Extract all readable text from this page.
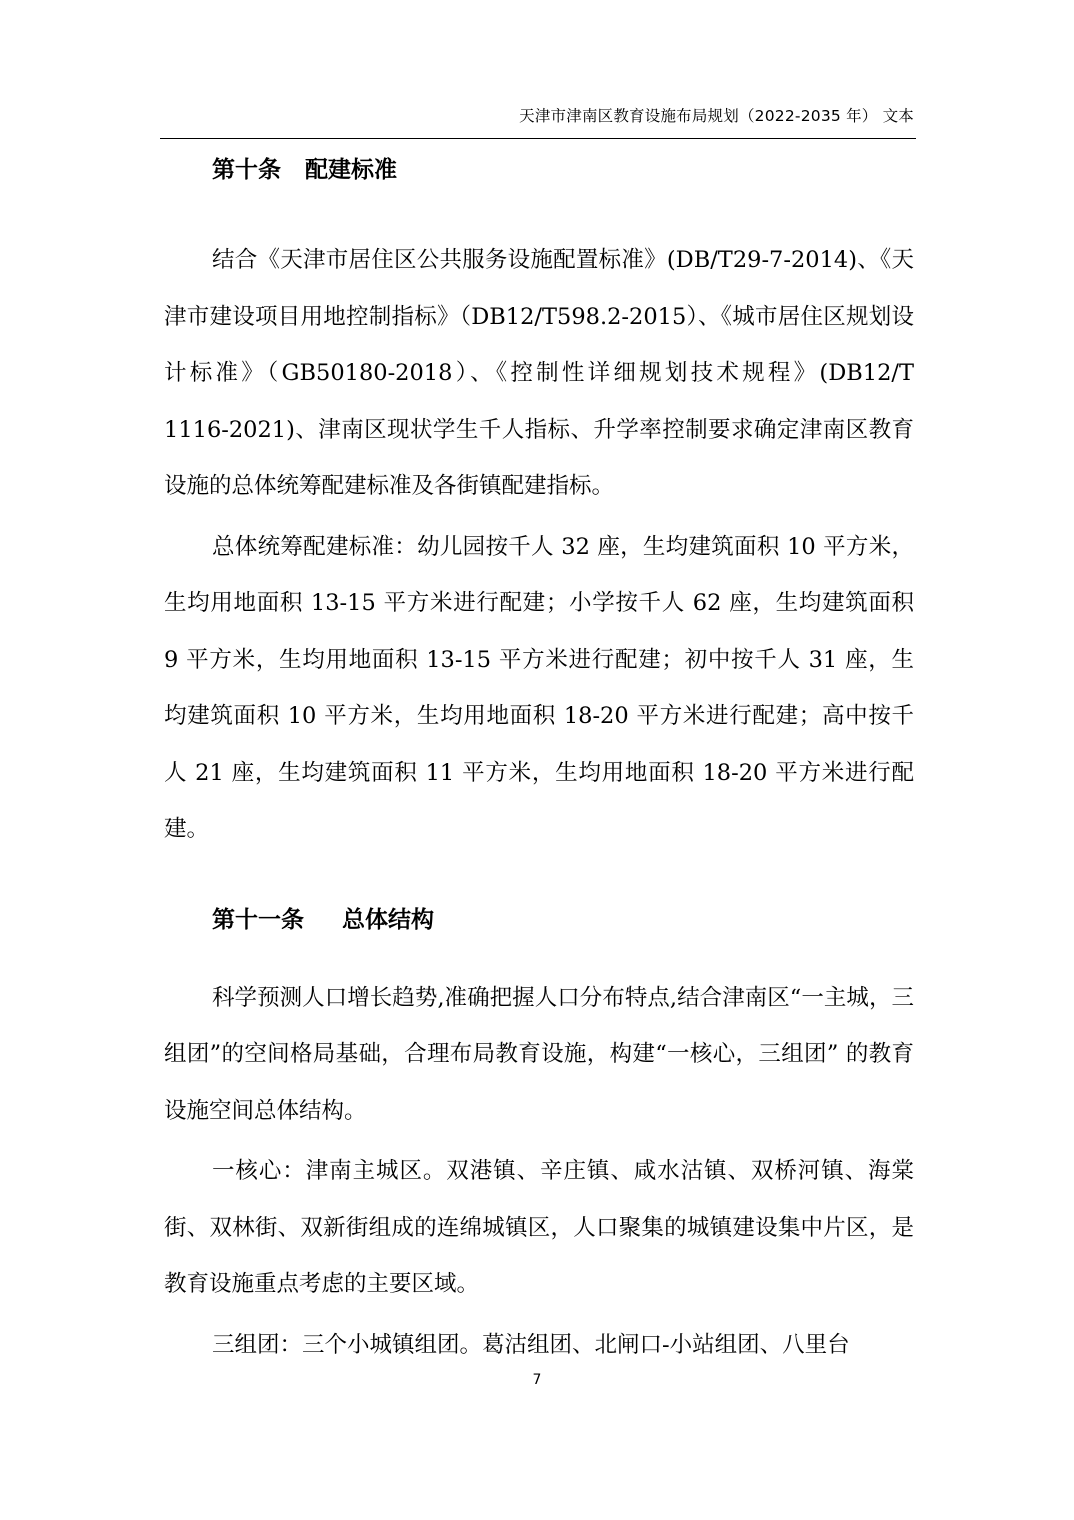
天津市津南区教育设施布局规划（2022-2035 年） 文本
第十条 配建标准

结合《天津市居住区公共服务设施配置标准》(DB/T29-7-2014)、《天津市建设项目用地控制指标》（DB12/T598.2-2015）、《城市居住区规划设计标准》（GB50180-2018）、《控制性详细规划技术规程》(DB12/T 1116-2021)、津南区现状学生千人指标、升学率控制要求确定津南区教育设施的总体统筹配建标准及各街镇配建指标。

总体统筹配建标准：幼儿园按千人 32 座，生均建筑面积 10 平方米，生均用地面积 13-15 平方米进行配建；小学按千人 62 座，生均建筑面积 9 平方米，生均用地面积 13-15 平方米进行配建；初中按千人 31 座，生均建筑面积 10 平方米，生均用地面积 18-20 平方米进行配建；高中按千人 21 座，生均建筑面积 11 平方米，生均用地面积 18-20 平方米进行配建。

第十一条 总体结构

科学预测人口增长趋势,准确把握人口分布特点,结合津南区“一主城，三组团”的空间格局基础，合理布局教育设施，构建“一核心，三组团” 的教育设施空间总体结构。

一核心：津南主城区。双港镇、辛庄镇、咸水沽镇、双桥河镇、海棠街、双林街、双新街组成的连绵城镇区，人口聚集的城镇建设集中片区，是教育设施重点考虑的主要区域。

三组团：三个小城镇组团。葛沽组团、北闸口-小站组团、八里台

7
